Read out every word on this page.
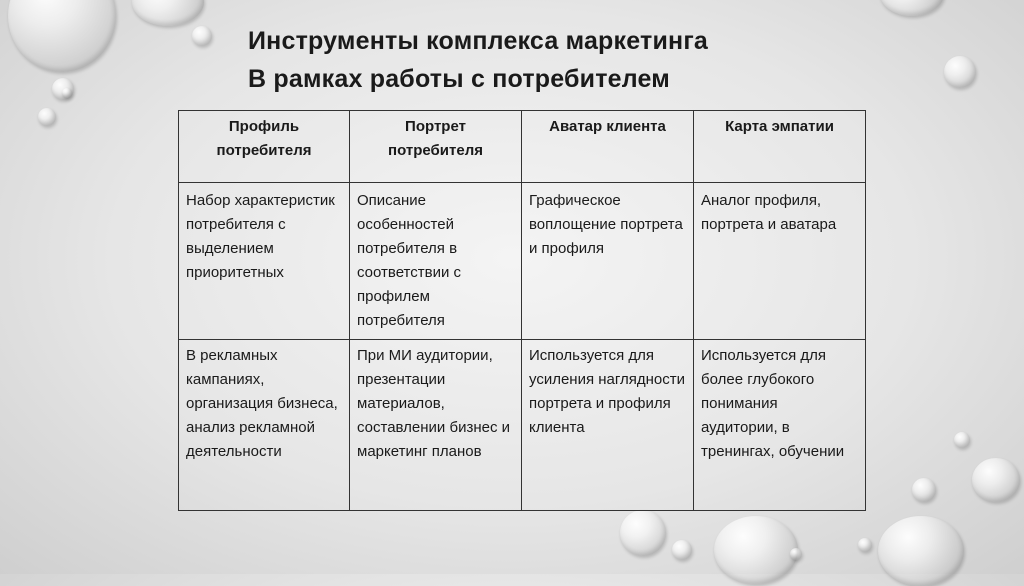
Инструменты комплекса маркетинга
В рамках работы с потребителем
Профиль потребителя	Портрет потребителя	Аватар клиента	Карта эмпатии
Набор характеристик потребителя с выделением приоритетных	Описание особенностей потребителя в соответствии с профилем потребителя	Графическое воплощение портрета и профиля	Аналог профиля, портрета и аватара
В рекламных кампаниях, организация бизнеса, анализ рекламной деятельности	При МИ аудитории, презентации материалов, составлении бизнес и маркетинг планов	Используется для усиления наглядности портрета и профиля клиента	Используется для более глубокого понимания аудитории, в тренингах, обучении
